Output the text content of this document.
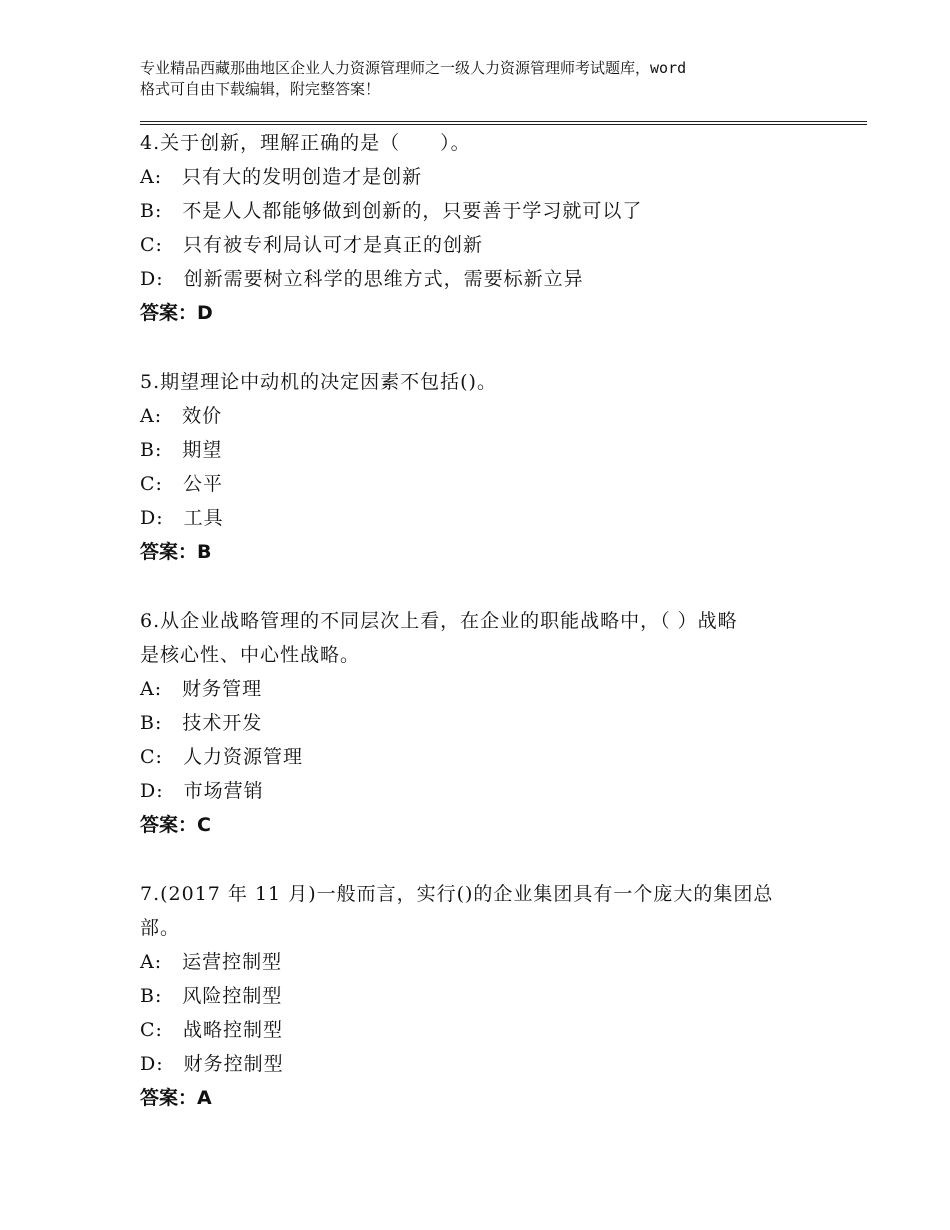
专业精品西藏那曲地区企业人力资源管理师之一级人力资源管理师考试题库，word
格式可自由下载编辑，附完整答案！
4.关于创新，理解正确的是（　　）。
A:　只有大的发明创造才是创新
B:　不是人人都能够做到创新的，只要善于学习就可以了
C:　只有被专利局认可才是真正的创新
D:　创新需要树立科学的思维方式，需要标新立异
答案：D
5.期望理论中动机的决定因素不包括()。
A:　效价
B:　期望
C:　公平
D:　工具
答案：B
6.从企业战略管理的不同层次上看，在企业的职能战略中，（ ）战略
是核心性、中心性战略。
A:　财务管理
B:　技术开发
C:　人力资源管理
D:　市场营销
答案：C
7.(2017 年 11 月)一般而言，实行()的企业集团具有一个庞大的集团总
部。
A:　运营控制型
B:　风险控制型
C:　战略控制型
D:　财务控制型
答案：A
